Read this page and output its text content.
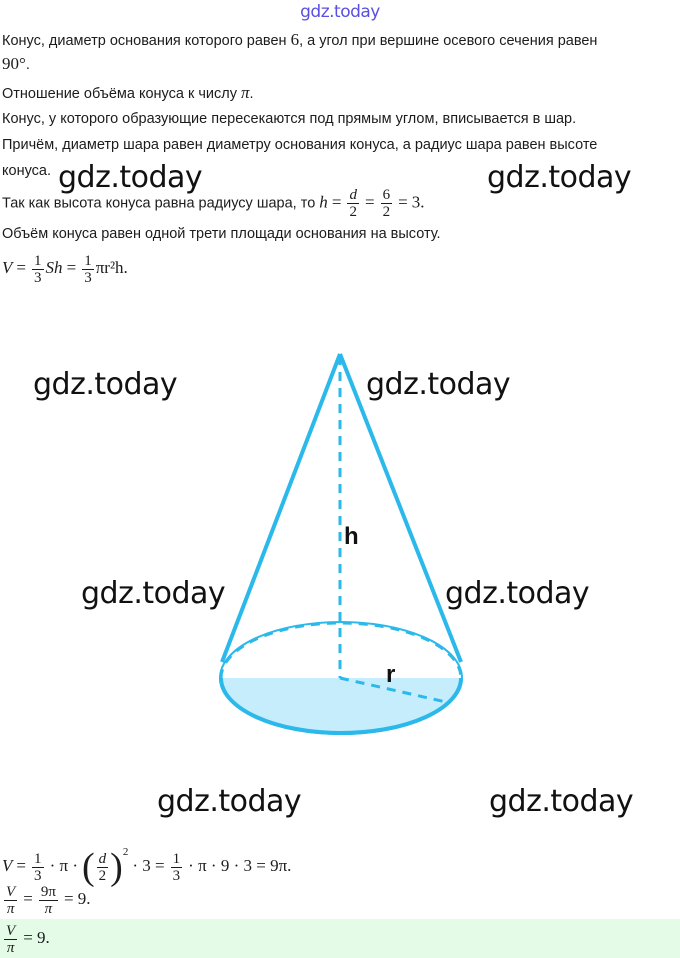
gdz.today
Конус, диаметр основания которого равен 6, а угол при вершине осевого сечения равен
90°.
Отношение объёма конуса к числу π.
Конус, у которого образующие пересекаются под прямым углом, вписывается в шар.
Причём, диаметр шара равен диаметру основания конуса, а радиус шара равен высоте
конуса.
Так как высота конуса равна радиусу шара, то $h = \frac{d}{2} = \frac{6}{2} = 3$.
Объём конуса равен одной трети площади основания на высоту.
$V = \frac{1}{3}$ $Sh = \frac{1}{3} \pi r^2h$.
h
r
gdz.today	gdz.today
gdz.today	gdz.today
gdz.today	gdz.today
gdz.today	gdz.today
$V = \frac{1}{3} \cdot \pi$ · ( $\frac{d}{2} )^2 \cdot 3 = \frac{1}{3} \cdot \pi \cdot 9 \cdot 3 = 9\pi$.
$\frac{V}{\pi} = \frac{9\pi}{\pi} = 9$.
$\frac{V}{\pi} = 9$.
